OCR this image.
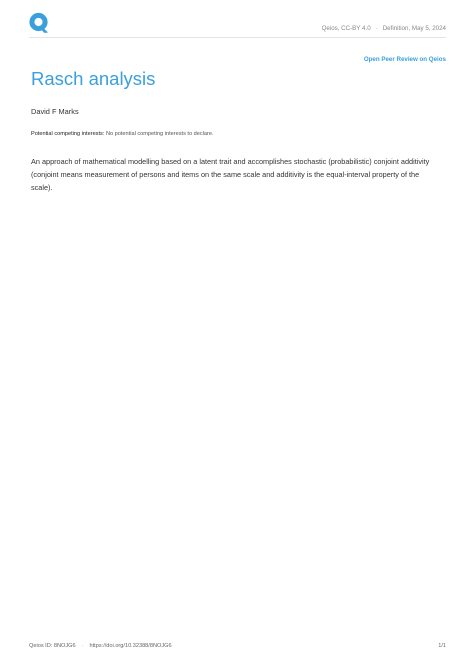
Qeios, CC-BY 4.0 · Definition, May 5, 2024
Open Peer Review on Qeios
Rasch analysis
David F Marks
Potential competing interests: No potential competing interests to declare.

An approach of mathematical modelling based on a latent trait and accomplishes stochastic (probabilistic) conjoint additivity (conjoint means measurement of persons and items on the same scale and additivity is the equal-interval property of the scale).

Qeios ID: 8NOJG6 · https://doi.org/10.32388/8NOJG6	1/1
